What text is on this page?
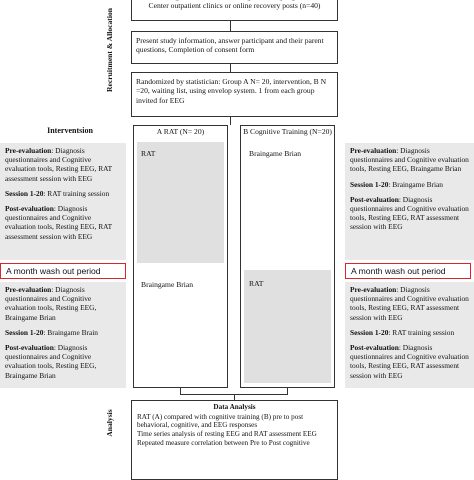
Recruitment & Allocation
Analysis
Center outpatient clinics or online recovery posts (n=40)
Present study information, answer participant and their parent questions, Completion of consent form
Randomized by statistician: Group A N= 20, intervention, B N =20, waiting list, using envelop system. 1 from each group invited for EEG
Interventsion	A RAT (N= 20)	B Cognitive Training (N=20)
RAT	Braingame Brian
Braingame Brian	RAT
A month wash out period	A month wash out period

Pre-evaluation: Diagnosis questionnaires and Cognitive evaluation tools, Resting EEG, RAT assessment session with EEG

Session 1-20: RAT training session

Post-evaluation: Diagnosis questionnaires and Cognitive evaluation tools, Resting EEG, RAT assessment session with EEG

Pre-evaluation: Diagnosis questionnaires and Cognitive evaluation tools, Resting EEG, Braingame Brian

Session 1-20: Braingame Brain

Post-evaluation: Diagnosis questionnaires and Cognitive evaluation tools, Resting EEG, Braingame Brian

Pre-evaluation: Diagnosis questionnaires and Cognitive evaluation tools, Resting EEG, Braingame Brian

Session 1-20: Braingame Brian

Post-evaluation: Diagnosis questionnaires and Cognitive evaluation tools, Resting EEG, RAT assessment session with EEG

Pre-evaluation: Diagnosis questionnaires and Cognitive evaluation tools, Resting EEG, RAT assessment session with EEG

Session 1-20: RAT training session

Post-evaluation: Diagnosis questionnaires and Cognitive evaluation tools, Resting EEG, RAT assessment session with EEG

Data Analysis
RAT (A) compared with cognitive training (B) pre to post behavioral, cognitive, and EEG responses
Time series analysis of resting EEG and RAT assessment EEG
Repeated measure correlation between Pre to Post cognitive
